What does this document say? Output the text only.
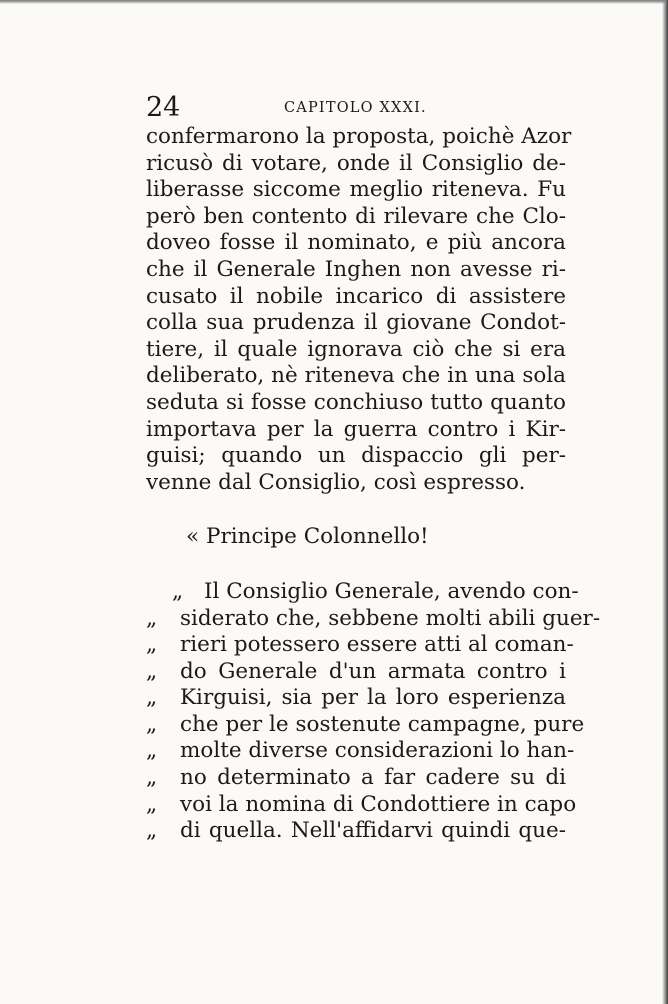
24	CAPITOLO XXXI.
confermarono la proposta, poichè Azor
ricusò di votare, onde il Consiglio de-
liberasse siccome meglio riteneva. Fu
però ben contento di rilevare che Clo-
doveo fosse il nominato, e più ancora
che il Generale Inghen non avesse ri-
cusato il nobile incarico di assistere
colla sua prudenza il giovane Condot-
tiere, il quale ignorava ciò che si era
deliberato, nè riteneva che in una sola
seduta si fosse conchiuso tutto quanto
importava per la guerra contro i Kir-
guisi; quando un dispaccio gli per-
venne dal Consiglio, così espresso.
« Principe Colonnello!
„ Il Consiglio Generale, avendo con-
„ siderato che, sebbene molti abili guer-
„ rieri potessero essere atti al coman-
„ do Generale d'un armata contro i
„ Kirguisi, sia per la loro esperienza
„ che per le sostenute campagne, pure
„ molte diverse considerazioni lo han-
„ no determinato a far cadere su di
„ voi la nomina di Condottiere in capo
„ di quella. Nell'affidarvi quindi que-
